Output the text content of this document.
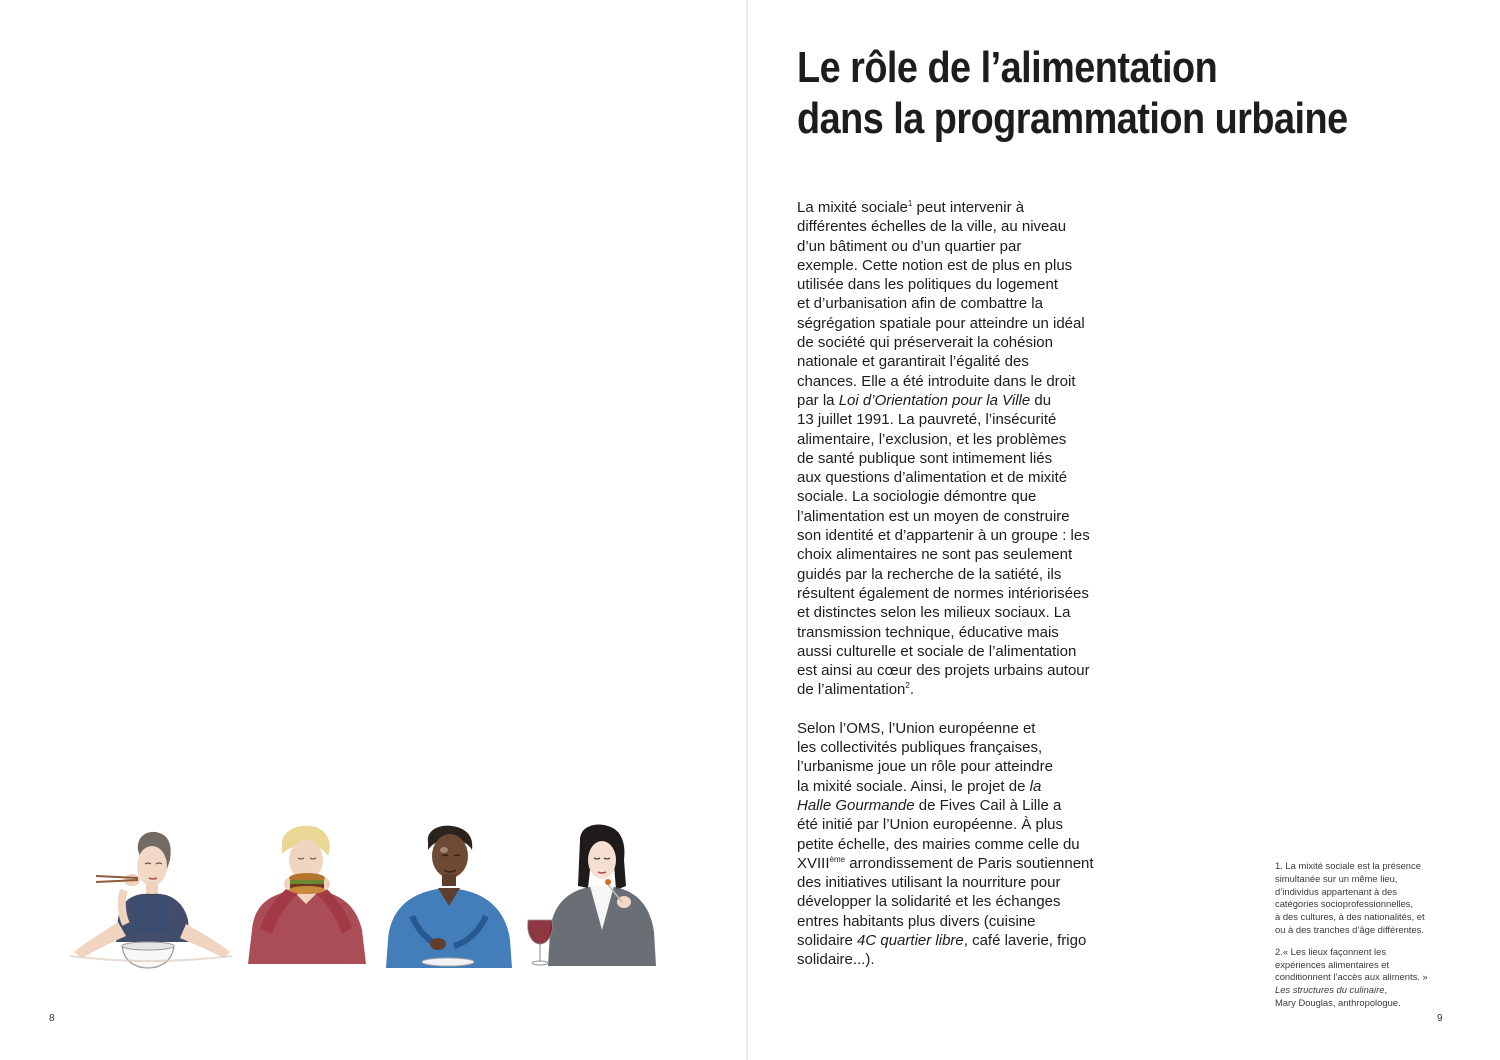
8
Le rôle de l’alimentation
dans la programmation urbaine

La mixité sociale$^1$ peut intervenir à
différentes échelles de la ville, au niveau
d’un bâtiment ou d’un quartier par
exemple. Cette notion est de plus en plus
utilisée dans les politiques du logement
et d’urbanisation afin de combattre la
ségrégation spatiale pour atteindre un idéal
de société qui préserverait la cohésion
nationale et garantirait l’égalité des
chances. Elle a été introduite dans le droit
par la Loi d’Orientation pour la Ville du
13 juillet 1991. La pauvreté, l’insécurité
alimentaire, l’exclusion, et les problèmes
de santé publique sont intimement liés
aux questions d’alimentation et de mixité
sociale. La sociologie démontre que
l’alimentation est un moyen de construire
son identité et d’appartenir à un groupe : les
choix alimentaires ne sont pas seulement
guidés par la recherche de la satiété, ils
résultent également de normes intériorisées
et distinctes selon les milieux sociaux. La
transmission technique, éducative mais
aussi culturelle et sociale de l’alimentation
est ainsi au cœur des projets urbains autour
de l’alimentation$^2$.

Selon l’OMS, l’Union européenne et
les collectivités publiques françaises,
l’urbanisme joue un rôle pour atteindre
la mixité sociale. Ainsi, le projet de la
Halle Gourmande de Fives Cail à Lille a
été initié par l’Union européenne. À plus
petite échelle, des mairies comme celle du
XVIIIème arrondissement de Paris soutiennent
des initiatives utilisant la nourriture pour
développer la solidarité et les échanges
entres habitants plus divers (cuisine
solidaire 4C quartier libre, café laverie, frigo
solidaire...).

1. La mixité sociale est la présence
simultanée sur un même lieu,
d’individus appartenant à des
catégories socioprofessionnelles,
à des cultures, à des nationalités, et
ou à des tranches d’âge différentes.
2.« Les lieux façonnent les
expériences alimentaires et
conditionnent l’accès aux aliments. »
Les structures du culinaire,
Mary Douglas, anthropologue.
9
